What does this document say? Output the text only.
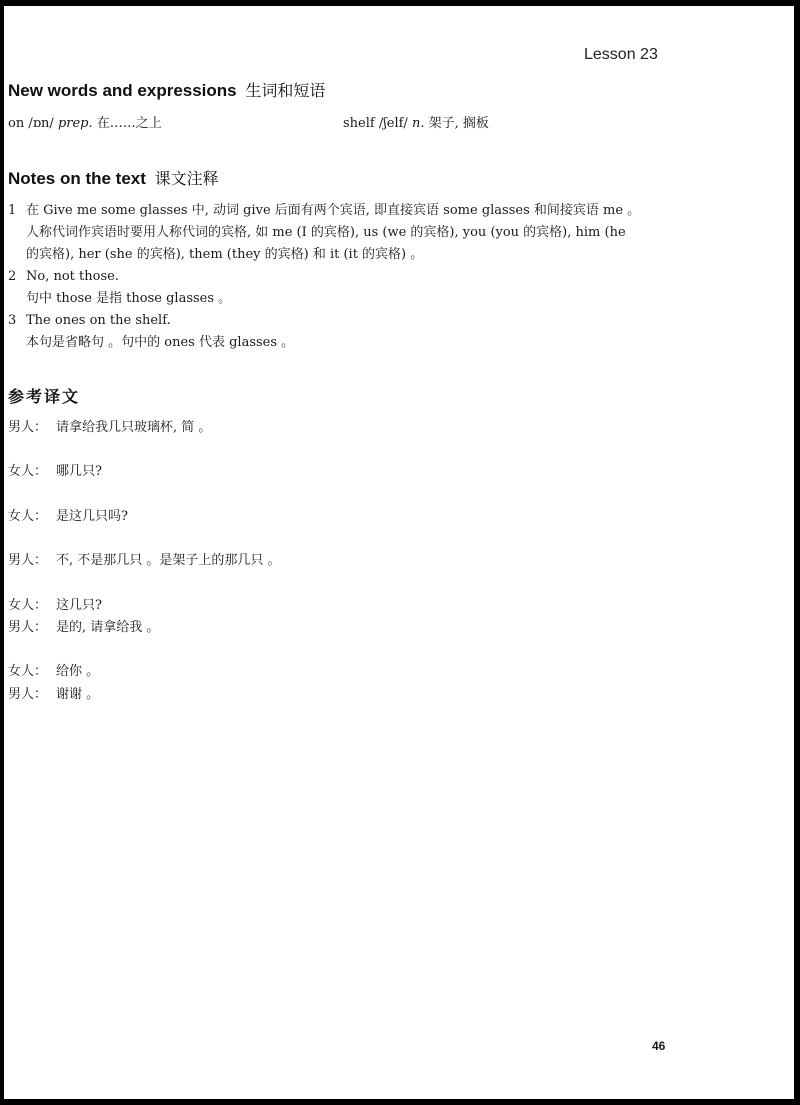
Lesson 23
New words and expressions 生词和短语
on /ɒn/ prep. 在……之上	shelf /ʃelf/ n. 架子, 搁板
Notes on the text 课文注释
1 在 Give me some glasses 中, 动词 give 后面有两个宾语, 即直接宾语 some glasses 和间接宾语 me 。
人称代词作宾语时要用人称代词的宾格, 如 me (I 的宾格), us (we 的宾格), you (you 的宾格), him (he
的宾格), her (she 的宾格), them (they 的宾格) 和 it (it 的宾格) 。
2 No, not those.
句中 those 是指 those glasses 。
3 The ones on the shelf.
本句是省略句 。句中的 ones 代表 glasses 。
参考译文
男人： 请拿给我几只玻璃杯, 简 。
女人： 哪几只?
女人： 是这几只吗?
男人： 不, 不是那几只 。是架子上的那几只 。
女人： 这几只?
男人： 是的, 请拿给我 。
女人： 给你 。
男人： 谢谢 。
46
